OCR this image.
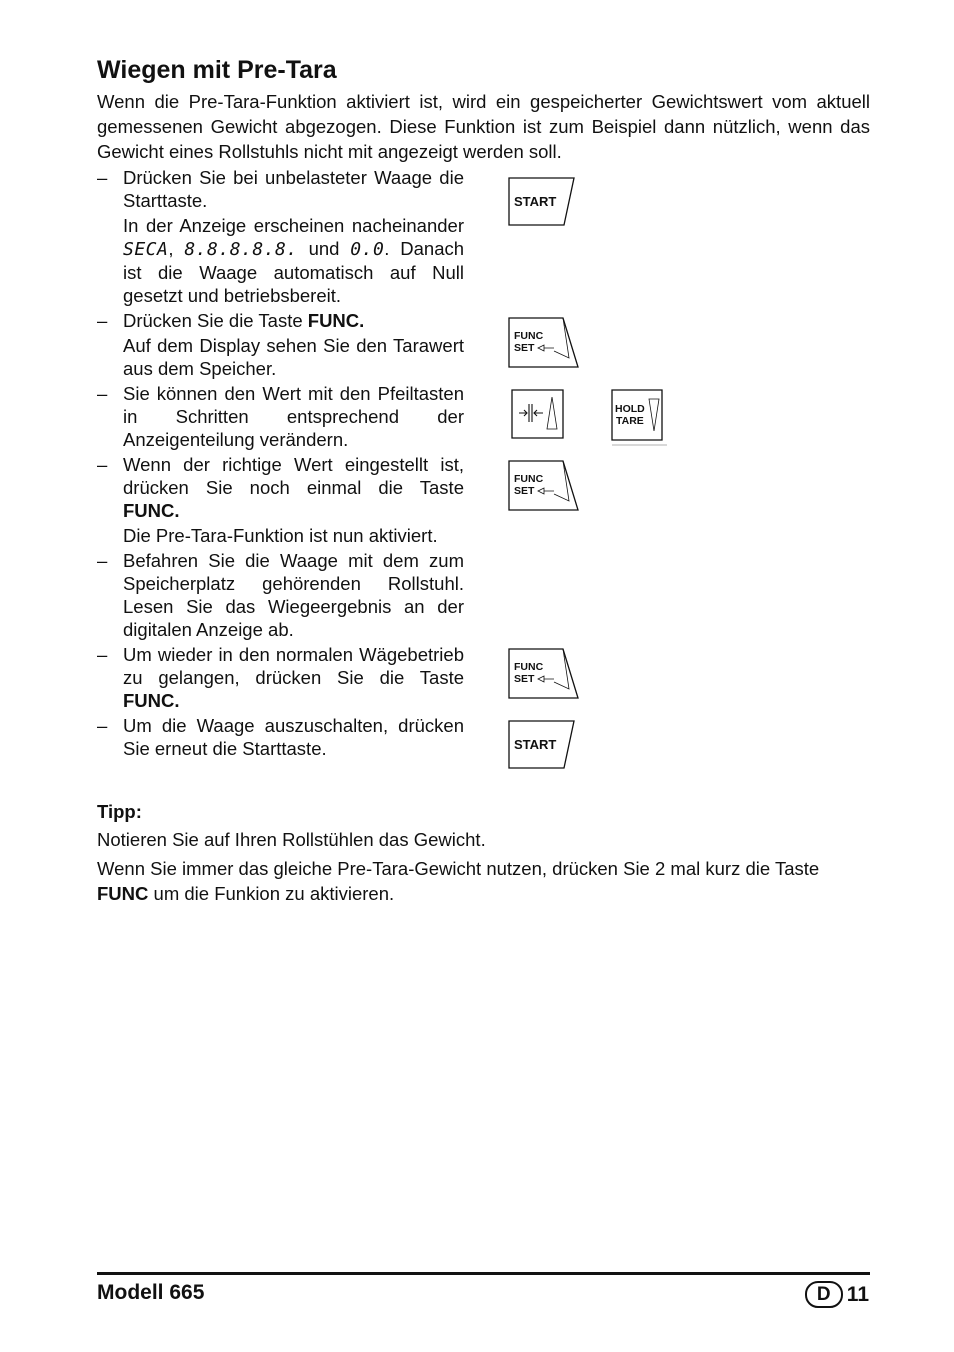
Wiegen mit Pre-Tara

Wenn die Pre-Tara-Funktion aktiviert ist, wird ein gespeicherter Gewichtswert vom aktuell gemessenen Gewicht abgezogen. Diese Funktion ist zum Beispiel dann nützlich, wenn das Gewicht eines Rollstuhls nicht mit angezeigt werden soll.

– Drücken Sie bei unbelasteter Waage die Starttaste.

In der Anzeige erscheinen nacheinander SECA, 8.8.8.8.8. und 0.0. Danach ist die Waage automatisch auf Null gesetzt und betriebsbereit.

– Drücken Sie die Taste FUNC.

Auf dem Display sehen Sie den Tarawert aus dem Speicher.

– Sie können den Wert mit den Pfeiltasten in Schritten entsprechend der Anzeigenteilung verändern.

– Wenn der richtige Wert eingestellt ist, drücken Sie noch einmal die Taste FUNC.

Die Pre-Tara-Funktion ist nun aktiviert.

– Befahren Sie die Waage mit dem zum Speicherplatz gehörenden Rollstuhl. Lesen Sie das Wiegeergebnis an der digitalen Anzeige ab.

– Um wieder in den normalen Wägebetrieb zu gelangen, drücken Sie die Taste FUNC.

– Um die Waage auszuschalten, drücken Sie erneut die Starttaste.

START
FUNC
SET
HOLD
TARE
FUNC
SET
FUNC
SET
START

Tipp:

Notieren Sie auf Ihren Rollstühlen das Gewicht.

Wenn Sie immer das gleiche Pre-Tara-Gewicht nutzen, drücken Sie 2 mal kurz die Taste FUNC um die Funkion zu aktivieren.

Modell 665	D 11
